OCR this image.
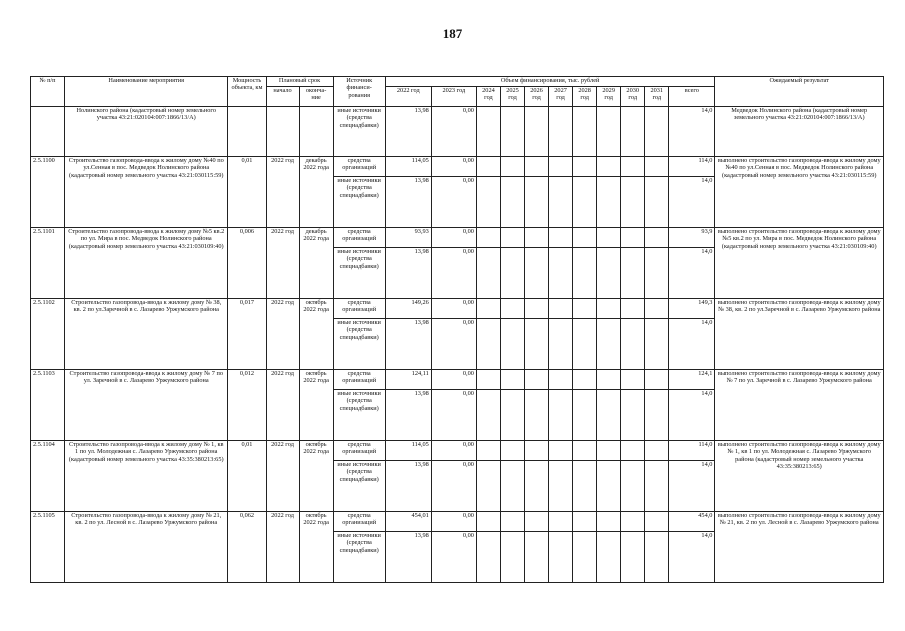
187
№ п/п	Наименование мероприятия	Мощность объекта, км	Плановый срок		Источник финанси- рования	Объем финансирования, тыс. рублей											Ожидаемый результат
			начало	оконча- ние		2022 год	2023 год	2024 год	2025 год	2026 год	2027 год	2028 год	2029 год	2030 год	2031 год	всего	
	Нолинского района (кадастровый номер земельного участка 43:21:020104:007:1866/13/А)				иные источники (средства спецнадбавки)	13,98	0,00									14,0	Медведок Нолинского района (кадастровый номер земельного участка 43:21:020104:007:1866/13/А)
2.5.1100	Строительство газопровода-ввода к жилому дому №40 по ул.Сенная в пос. Медведок Нолинского района (кадастровый номер земельного участка 43:21:030115:59)	0,01	2022 год	декабрь 2022 года	средства организаций	114,05	0,00									114,0	выполнено строительство газопровода-ввода к жилому дому №40 по ул.Сенная в пос. Медведок Нолинского района (кадастровый номер земельного участка 43:21:030115:59)
					иные источники (средства спецнадбавки)	13,98	0,00									14,0	
2.5.1101	Строительство газопровода-ввода к жилому дому №5 кв.2 по ул. Мира в пос. Медведок Нолинского района (кадастровый номер земельного участка 43:21:030109:40)	0,006	2022 год	декабрь 2022 года	средства организаций	93,93	0,00									93,9	выполнено строительство газопровода-ввода к жилому дому №5 кв.2 по ул. Мира в пос. Медведок Нолинского района (кадастровый номер земельного участка 43:21:030109:40)
					иные источники (средства спецнадбавки)	13,98	0,00									14,0	
2.5.1102	Строительство газопровода-ввода к жилому дому № 38, кв. 2 по ул.Заречной в с. Лазарево Уржумского района	0,017	2022 год	октябрь 2022 года	средства организаций	149,26	0,00									149,3	выполнено строительство газопровода-ввода к жилому дому № 38, кв. 2 по ул.Заречной в с. Лазарево Уржумского района
					иные источники (средства спецнадбавки)	13,98	0,00									14,0	
2.5.1103	Строительство газопровода-ввода к жилому дому № 7 по ул. Заречной в с. Лазарево Уржумского района	0,012	2022 год	октябрь 2022 года	средства организаций	124,11	0,00									124,1	выполнено строительство газопровода-ввода к жилому дому № 7 по ул. Заречной в с. Лазарево Уржумского района
					иные источники (средства спецнадбавки)	13,98	0,00									14,0	
2.5.1104	Строительство газопровода-ввода к жилому дому № 1, кв 1 по ул. Молодежная с. Лазарево Уржумского района (кадастровый номер земельного участка 43:35:380213:65)	0,01	2022 год	октябрь 2022 года	средства организаций	114,05	0,00									114,0	выполнено строительство газопровода-ввода к жилому дому № 1, кв 1 по ул. Молодежная с. Лазарево Уржумского района (кадастровый номер земельного участка 43:35:380213:65)
					иные источники (средства спецнадбавки)	13,98	0,00									14,0	
2.5.1105	Строительство газопровода-ввода к жилому дому № 21, кв. 2 по ул. Лесной в с. Лазарево Уржумского района	0,062	2022 год	октябрь 2022 года	средства организаций	454,01	0,00									454,0	выполнено строительство газопровода-ввода к жилому дому № 21, кв. 2 по ул. Лесной в с. Лазарево Уржумского района
					иные источники (средства спецнадбавки)	13,98	0,00									14,0	
